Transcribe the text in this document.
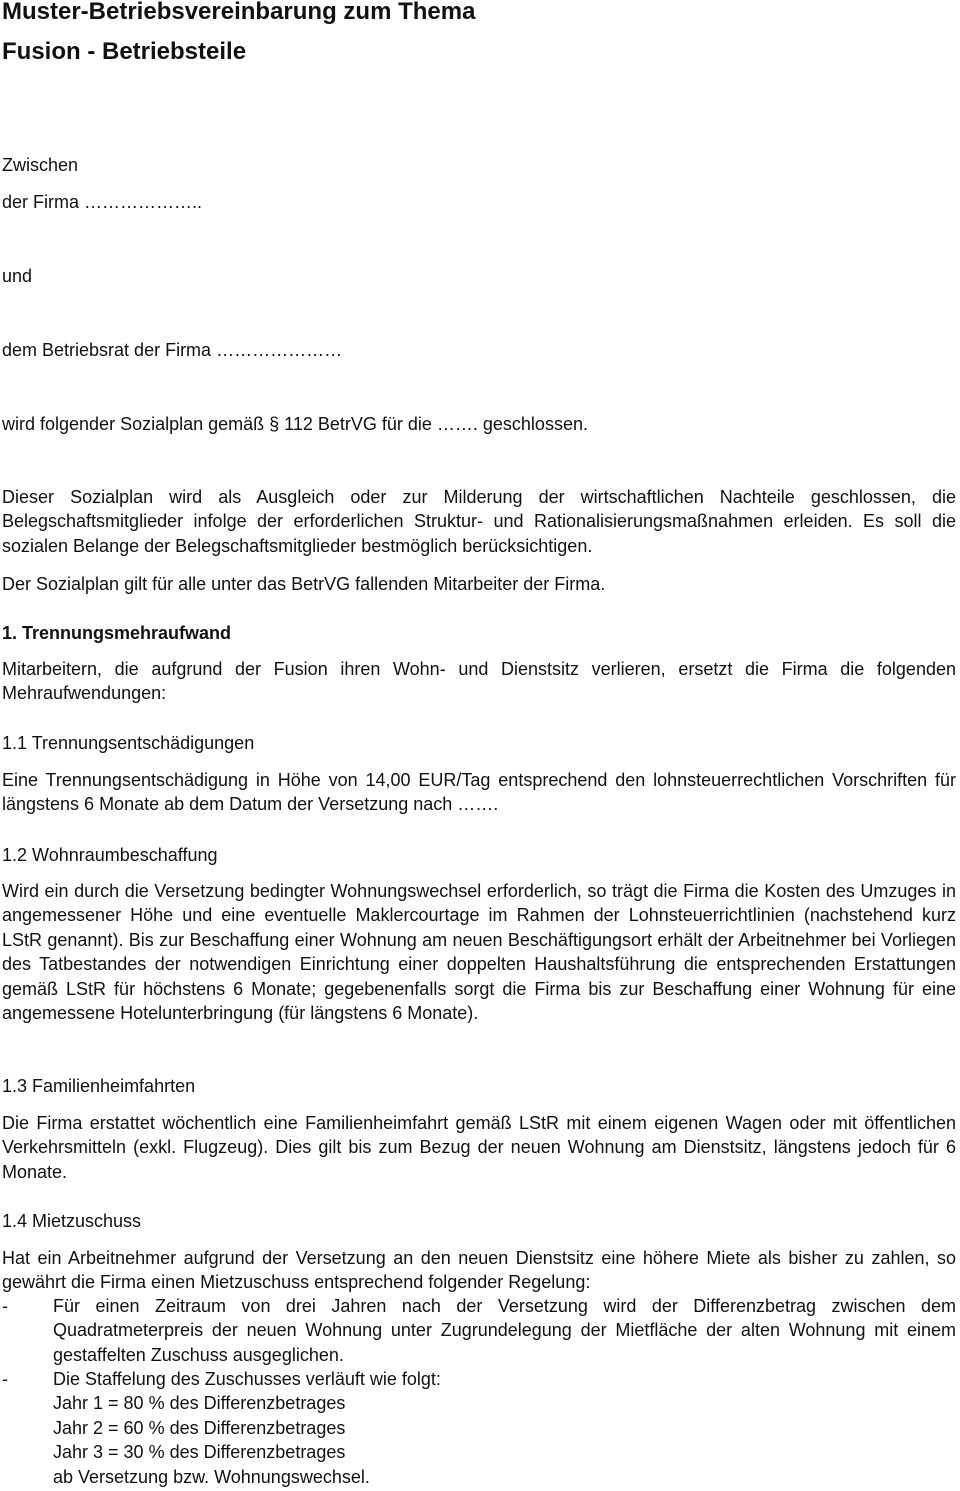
Muster-Betriebsvereinbarung zum Thema
Fusion - Betriebsteile
Zwischen
der Firma ………………..
und
dem Betriebsrat der Firma …………………
wird folgender Sozialplan gemäß § 112 BetrVG für die ……. geschlossen.
Dieser Sozialplan wird als Ausgleich oder zur Milderung der wirtschaftlichen Nachteile geschlossen, die Belegschaftsmitglieder infolge der erforderlichen Struktur- und Rationalisierungsmaßnahmen erleiden. Es soll die sozialen Belange der Belegschaftsmitglieder bestmöglich berücksichtigen.
Der Sozialplan gilt für alle unter das BetrVG fallenden Mitarbeiter der Firma.
1. Trennungsmehraufwand
Mitarbeitern, die aufgrund der Fusion ihren Wohn- und Dienstsitz verlieren, ersetzt die Firma die folgenden Mehraufwendungen:
1.1 Trennungsentschädigungen
Eine Trennungsentschädigung in Höhe von 14,00 EUR/Tag entsprechend den lohnsteuerrechtlichen Vorschriften für längstens 6 Monate ab dem Datum der Versetzung nach …….
1.2 Wohnraumbeschaffung
Wird ein durch die Versetzung bedingter Wohnungswechsel erforderlich, so trägt die Firma die Kosten des Umzuges in angemessener Höhe und eine eventuelle Maklercourtage im Rahmen der Lohnsteuerrichtlinien (nachstehend kurz LStR genannt). Bis zur Beschaffung einer Wohnung am neuen Beschäftigungsort erhält der Arbeitnehmer bei Vorliegen des Tatbestandes der notwendigen Einrichtung einer doppelten Haushaltsführung die entsprechenden Erstattungen gemäß LStR für höchstens 6 Monate; gegebenenfalls sorgt die Firma bis zur Beschaffung einer Wohnung für eine angemessene Hotelunterbringung (für längstens 6 Monate).
1.3 Familienheimfahrten
Die Firma erstattet wöchentlich eine Familienheimfahrt gemäß LStR mit einem eigenen Wagen oder mit öffentlichen Verkehrsmitteln (exkl. Flugzeug). Dies gilt bis zum Bezug der neuen Wohnung am Dienstsitz, längstens jedoch für 6 Monate.
1.4 Mietzuschuss
Hat ein Arbeitnehmer aufgrund der Versetzung an den neuen Dienstsitz eine höhere Miete als bisher zu zahlen, so gewährt die Firma einen Mietzuschuss entsprechend folgender Regelung:
-	Für einen Zeitraum von drei Jahren nach der Versetzung wird der Differenzbetrag zwischen dem Quadratmeterpreis der neuen Wohnung unter Zugrundelegung der Mietfläche der alten Wohnung mit einem gestaffelten Zuschuss ausgeglichen.
-	Die Staffelung des Zuschusses verläuft wie folgt:
Jahr 1 = 80 % des Differenzbetrages
Jahr 2 = 60 % des Differenzbetrages
Jahr 3 = 30 % des Differenzbetrages
ab Versetzung bzw. Wohnungswechsel.
